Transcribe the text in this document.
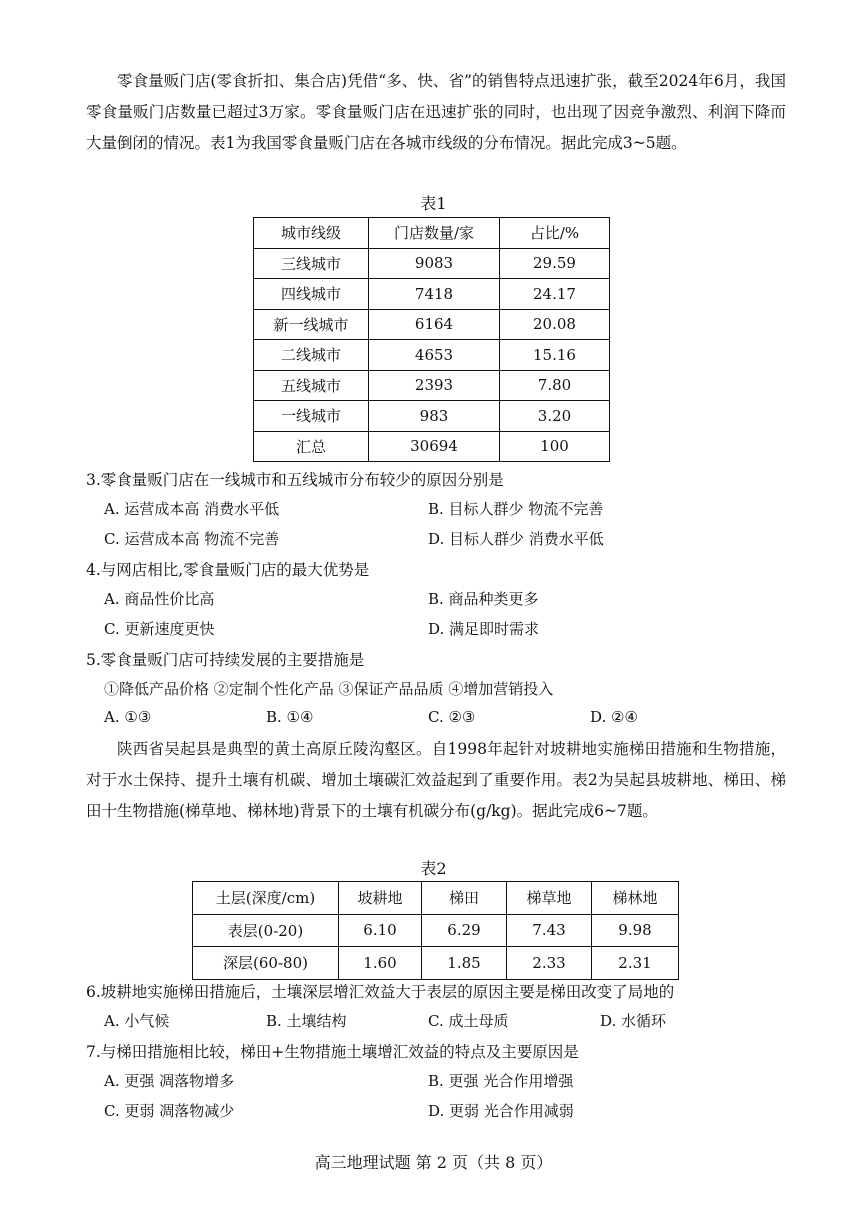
零食量贩门店(零食折扣、集合店)凭借“多、快、省”的销售特点迅速扩张，截至2024年6月，我国零食量贩门店数量已超过3万家。零食量贩门店在迅速扩张的同时，也出现了因竞争激烈、利润下降而大量倒闭的情况。表1为我国零食量贩门店在各城市线级的分布情况。据此完成3~5题。
表1
城市线级	门店数量/家	占比/%
三线城市	9083	29.59
四线城市	7418	24.17
新一线城市	6164	20.08
二线城市	4653	15.16
五线城市	2393	7.80
一线城市	983	3.20
汇总	30694	100
3.零食量贩门店在一线城市和五线城市分布较少的原因分别是
A. 运营成本高 消费水平低	B. 目标人群少 物流不完善
C. 运营成本高 物流不完善	D. 目标人群少 消费水平低
4.与网店相比,零食量贩门店的最大优势是
A. 商品性价比高	B. 商品种类更多
C. 更新速度更快	D. 满足即时需求
5.零食量贩门店可持续发展的主要措施是
①降低产品价格 ②定制个性化产品 ③保证产品品质 ④增加营销投入
A. ①③	B. ①④	C. ②③	D. ②④
陕西省吴起县是典型的黄土高原丘陵沟壑区。自1998年起针对坡耕地实施梯田措施和生物措施，对于水土保持、提升土壤有机碳、增加土壤碳汇效益起到了重要作用。表2为吴起县坡耕地、梯田、梯田十生物措施(梯草地、梯林地)背景下的土壤有机碳分布(g/kg)。据此完成6~7题。
表2
土层(深度/cm)	坡耕地	梯田	梯草地	梯林地
表层(0-20)	6.10	6.29	7.43	9.98
深层(60-80)	1.60	1.85	2.33	2.31
6.坡耕地实施梯田措施后，土壤深层增汇效益大于表层的原因主要是梯田改变了局地的
A. 小气候	B. 土壤结构	C. 成土母质	D. 水循环
7.与梯田措施相比较，梯田+生物措施土壤增汇效益的特点及主要原因是
A. 更强 凋落物增多	B. 更强 光合作用增强
C. 更弱 凋落物减少	D. 更弱 光合作用减弱
高三地理试题 第 2 页（共 8 页）
